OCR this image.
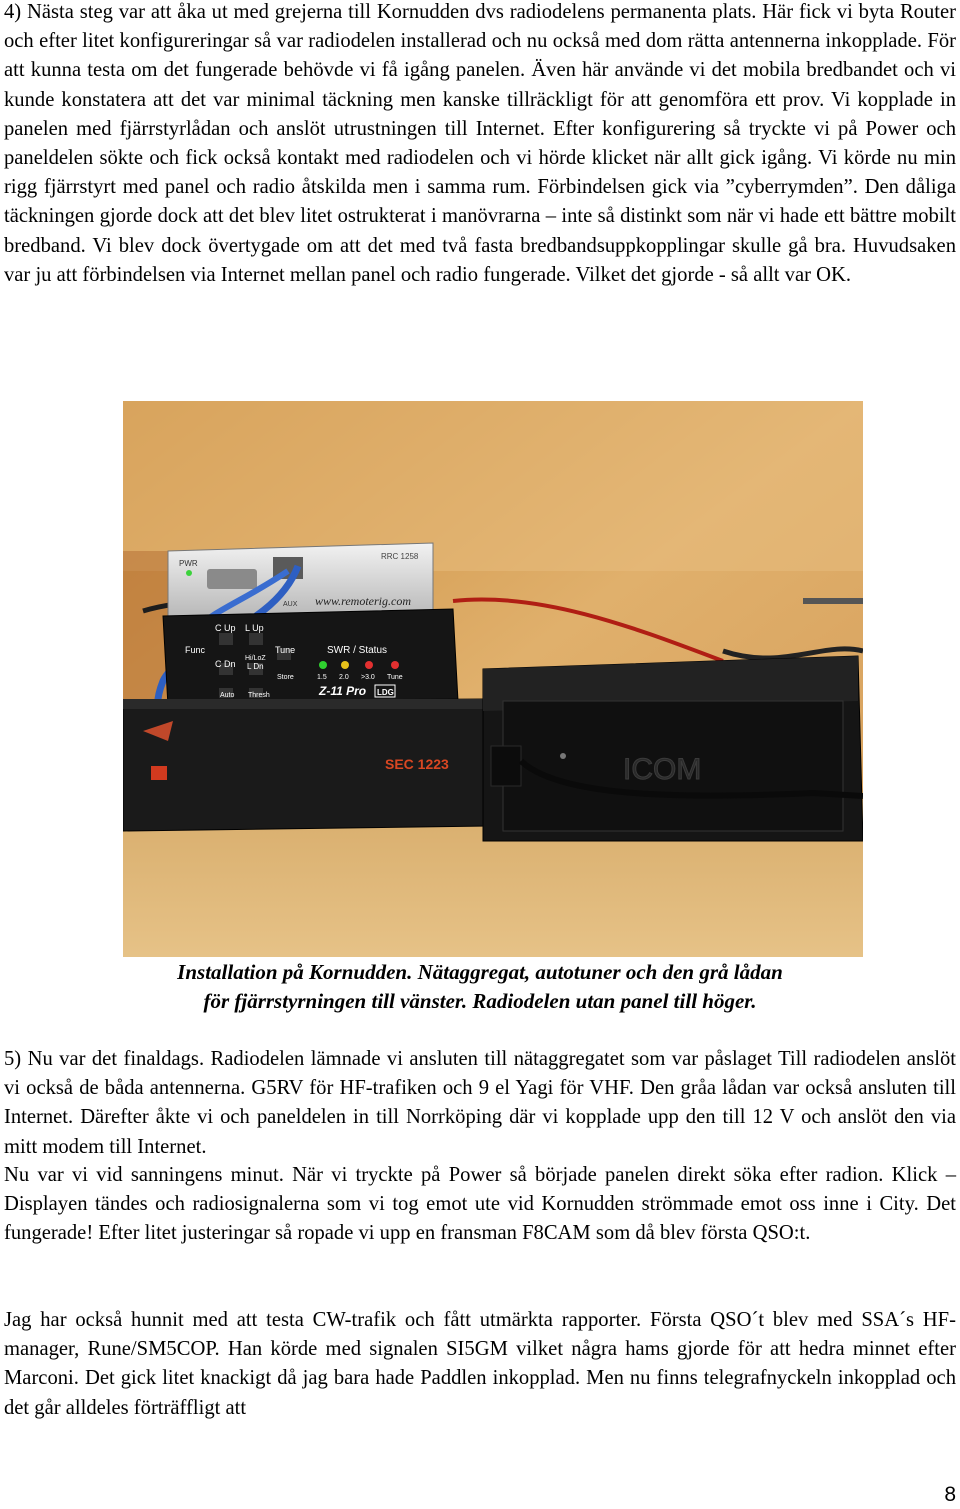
4) Nästa steg var att åka ut med grejerna till Kornudden dvs radiodelens permanenta plats. Här fick vi byta Router och efter litet konfigureringar så var radiodelen installerad och nu också med dom rätta antennerna inkopplade. För att kunna testa om det fungerade behövde vi få igång panelen. Även här använde vi det mobila bredbandet och vi kunde konstatera att det var minimal täckning men kanske tillräckligt för att genomföra ett prov. Vi kopplade in panelen med fjärrstyrlådan och anslöt utrustningen till Internet. Efter konfigurering så tryckte vi på Power och paneldelen sökte och fick också kontakt med radiodelen och vi hörde klicket när allt gick igång. Vi körde nu min rigg fjärrstyrt med panel och radio åtskilda men i samma rum. Förbindelsen gick via ”cyberrymden”. Den dåliga täckningen gjorde dock att det blev litet ostrukterat i manövrarna – inte så distinkt som när vi hade ett bättre mobilt bredband. Vi blev dock övertygade om att det med två fasta bredbandsuppkopplingar skulle gå bra. Huvudsaken var ju att förbindelsen via Internet mellan panel och radio fungerade. Vilket det gjorde - så allt var OK.

PWR
AUX
RRC 1258
www.remoterig.com
Func
C Up L Up
Tune
C Dn
Hi/LoZ
L Dn
Store
Auto Thresh
SWR / Status
1.5 2.0 >3.0 Tune
Z-11 Pro LDG
SEC 1223	ICOM
Installation på Kornudden. Nätaggregat, autotuner och den grå lådan
för fjärrstyrningen till vänster. Radiodelen utan panel till höger.

5) Nu var det finaldags. Radiodelen lämnade vi ansluten till nätaggregatet som var påslaget Till radiodelen anslöt vi också de båda antennerna. G5RV för HF-trafiken och 9 el Yagi för VHF. Den gråa lådan var också ansluten till Internet. Därefter åkte vi och paneldelen in till Norrköping där vi kopplade upp den till 12 V och anslöt den via mitt modem till Internet.

Nu var vi vid sanningens minut. När vi tryckte på Power så började panelen direkt söka efter radion. Klick – Displayen tändes och radiosignalerna som vi tog emot ute vid Kornudden strömmade emot oss inne i City. Det fungerade! Efter litet justeringar så ropade vi upp en fransman F8CAM som då blev första QSO:t.

Jag har också hunnit med att testa CW-trafik och fått utmärkta rapporter. Första QSO´t blev med SSA´s HF-manager, Rune/SM5COP. Han körde med signalen SI5GM vilket några hams gjorde för att hedra minnet efter Marconi. Det gick litet knackigt då jag bara hade Paddlen inkopplad. Men nu finns telegrafnyckeln inkopplad och det går alldeles förträffligt att

8
